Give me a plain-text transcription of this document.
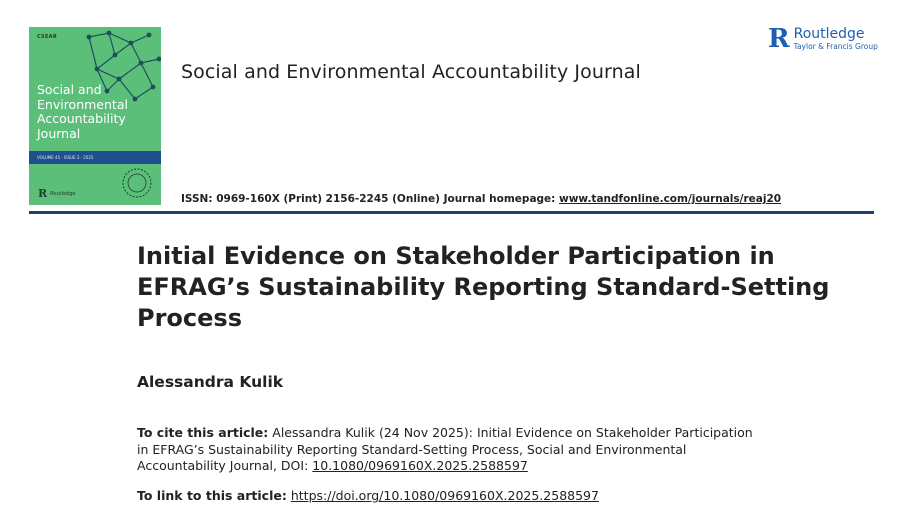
CSEAR
Social and Environmental Accountability Journal
VOLUME 45 · ISSUE 3 · 2025
R Routledge
Social and Environmental Accountability Journal
R Routledge
Taylor & Francis Group
ISSN: 0969-160X (Print) 2156-2245 (Online) Journal homepage: www.tandfonline.com/journals/reaj20
Initial Evidence on Stakeholder Participation in EFRAG’s Sustainability Reporting Standard-Setting Process
Alessandra Kulik

To cite this article: Alessandra Kulik (24 Nov 2025): Initial Evidence on Stakeholder Participation in EFRAG’s Sustainability Reporting Standard-Setting Process, Social and Environmental Accountability Journal, DOI: 10.1080/0969160X.2025.2588597

To link to this article: https://doi.org/10.1080/0969160X.2025.2588597
